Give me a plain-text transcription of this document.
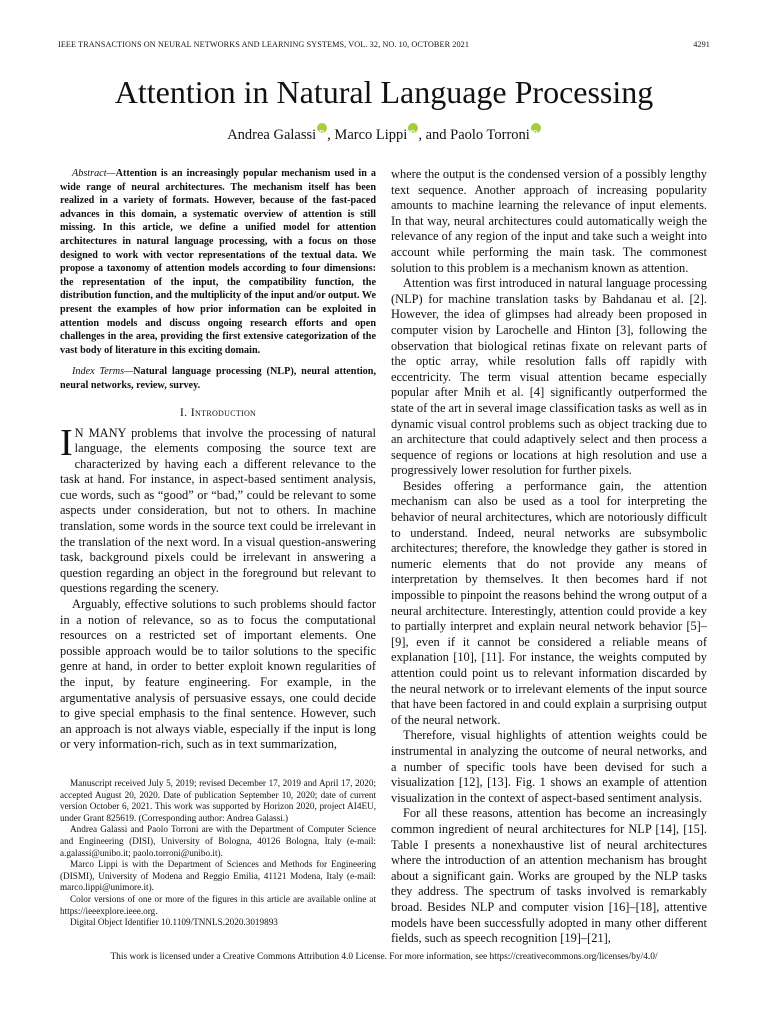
IEEE TRANSACTIONS ON NEURAL NETWORKS AND LEARNING SYSTEMS, VOL. 32, NO. 10, OCTOBER 2021	4291
Attention in Natural Language Processing
Andrea Galassi iD , Marco Lippi iD , and Paolo TorroniiD

Abstract—Attention is an increasingly popular mechanism used in a wide range of neural architectures. The mechanism itself has been realized in a variety of formats. However, because of the fast-paced advances in this domain, a systematic overview of attention is still missing. In this article, we define a unified model for attention architectures in natural language processing, with a focus on those designed to work with vector representations of the textual data. We propose a taxonomy of attention models according to four dimensions: the representation of the input, the compatibility function, the distribution function, and the multiplicity of the input and/or output. We present the examples of how prior information can be exploited in attention models and discuss ongoing research efforts and open challenges in the area, providing the first extensive categorization of the vast body of literature in this exciting domain.

Index Terms—Natural language processing (NLP), neural attention, neural networks, review, survey.

I. Introduction

I N MANY problems that involve the processing of natural language, the elements composing the source text are characterized by having each a different relevance to the task at hand. For instance, in aspect-based sentiment analysis, cue words, such as “good” or “bad,” could be relevant to some aspects under consideration, but not to others. In machine translation, some words in the source text could be irrelevant in the translation of the next word. In a visual question-answering task, background pixels could be irrelevant in answering a question regarding an object in the foreground but relevant to questions regarding the scenery.

Arguably, effective solutions to such problems should factor in a notion of relevance, so as to focus the computational resources on a restricted set of important elements. One possible approach would be to tailor solutions to the specific genre at hand, in order to better exploit known regularities of the input, by feature engineering. For example, in the argumentative analysis of persuasive essays, one could decide to give special emphasis to the final sentence. However, such an approach is not always viable, especially if the input is long or very information-rich, such as in text summarization,

Manuscript received July 5, 2019; revised December 17, 2019 and April 17, 2020; accepted August 20, 2020. Date of publication September 10, 2020; date of current version October 6, 2021. This work was supported by Horizon 2020, project AI4EU, under Grant 825619. (Corresponding author: Andrea Galassi.)

Andrea Galassi and Paolo Torroni are with the Department of Computer Science and Engineering (DISI), University of Bologna, 40126 Bologna, Italy (e-mail: a.galassi@unibo.it; paolo.torroni@unibo.it).

Marco Lippi is with the Department of Sciences and Methods for Engineering (DISMI), University of Modena and Reggio Emilia, 41121 Modena, Italy (e-mail: marco.lippi@unimore.it).

Color versions of one or more of the figures in this article are available online at https://ieeexplore.ieee.org.

Digital Object Identifier 10.1109/TNNLS.2020.3019893

where the output is the condensed version of a possibly lengthy text sequence. Another approach of increasing popularity amounts to machine learning the relevance of input elements. In that way, neural architectures could automatically weigh the relevance of any region of the input and take such a weight into account while performing the main task. The commonest solution to this problem is a mechanism known as attention.

Attention was first introduced in natural language processing (NLP) for machine translation tasks by Bahdanau et al. [2]. However, the idea of glimpses had already been proposed in computer vision by Larochelle and Hinton [3], following the observation that biological retinas fixate on relevant parts of the optic array, while resolution falls off rapidly with eccentricity. The term visual attention became especially popular after Mnih et al. [4] significantly outperformed the state of the art in several image classification tasks as well as in dynamic visual control problems such as object tracking due to an architecture that could adaptively select and then process a sequence of regions or locations at high resolution and use a progressively lower resolution for further pixels.

Besides offering a performance gain, the attention mechanism can also be used as a tool for interpreting the behavior of neural architectures, which are notoriously difficult to understand. Indeed, neural networks are subsymbolic architectures; therefore, the knowledge they gather is stored in numeric elements that do not provide any means of interpretation by themselves. It then becomes hard if not impossible to pinpoint the reasons behind the wrong output of a neural architecture. Interestingly, attention could provide a key to partially interpret and explain neural network behavior [5]–[9], even if it cannot be considered a reliable means of explanation [10], [11]. For instance, the weights computed by attention could point us to relevant information discarded by the neural network or to irrelevant elements of the input source that have been factored in and could explain a surprising output of the neural network.

Therefore, visual highlights of attention weights could be instrumental in analyzing the outcome of neural networks, and a number of specific tools have been devised for such a visualization [12], [13]. Fig. 1 shows an example of attention visualization in the context of aspect-based sentiment analysis.

For all these reasons, attention has become an increasingly common ingredient of neural architectures for NLP [14], [15]. Table I presents a nonexhaustive list of neural architectures where the introduction of an attention mechanism has brought about a significant gain. Works are grouped by the NLP tasks they address. The spectrum of tasks involved is remarkably broad. Besides NLP and computer vision [16]–[18], attentive models have been successfully adopted in many other different fields, such as speech recognition [19]–[21],

This work is licensed under a Creative Commons Attribution 4.0 License. For more information, see https://creativecommons.org/licenses/by/4.0/
